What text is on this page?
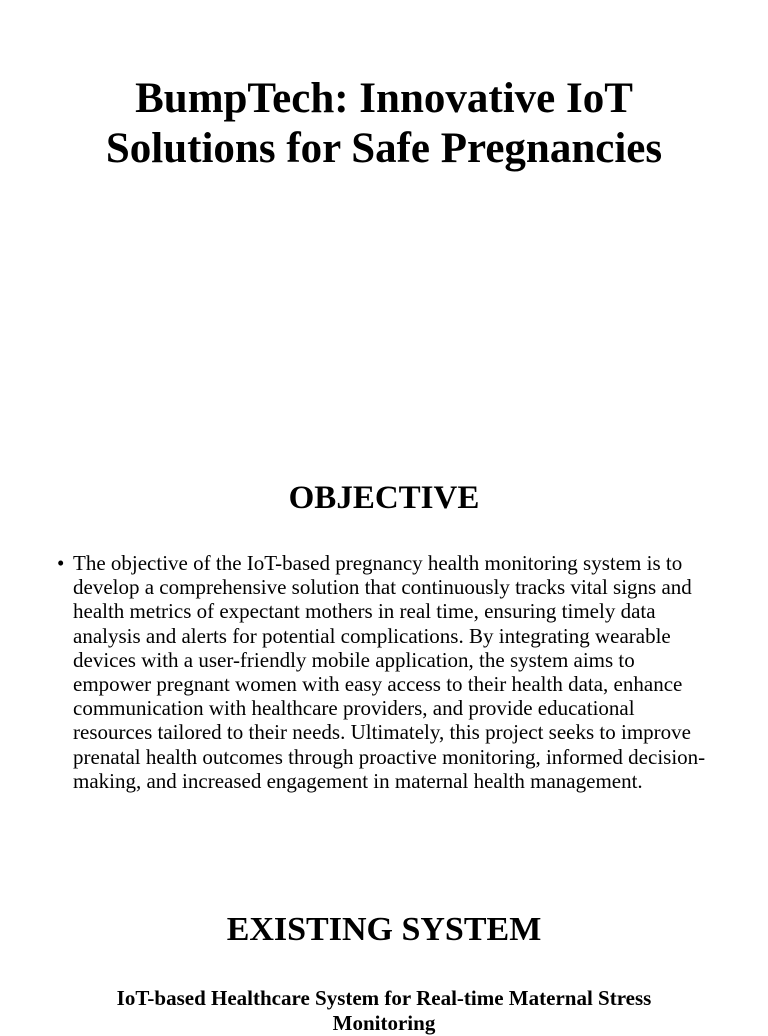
BumpTech: Innovative IoT Solutions for Safe Pregnancies
OBJECTIVE
• The objective of the IoT-based pregnancy health monitoring system is to develop a comprehensive solution that continuously tracks vital signs and health metrics of expectant mothers in real time, ensuring timely data analysis and alerts for potential complications. By integrating wearable devices with a user-friendly mobile application, the system aims to empower pregnant women with easy access to their health data, enhance communication with healthcare providers, and provide educational resources tailored to their needs. Ultimately, this project seeks to improve prenatal health outcomes through proactive monitoring, informed decision-making, and increased engagement in maternal health management.
EXISTING SYSTEM
IoT-based Healthcare System for Real-time Maternal Stress Monitoring
